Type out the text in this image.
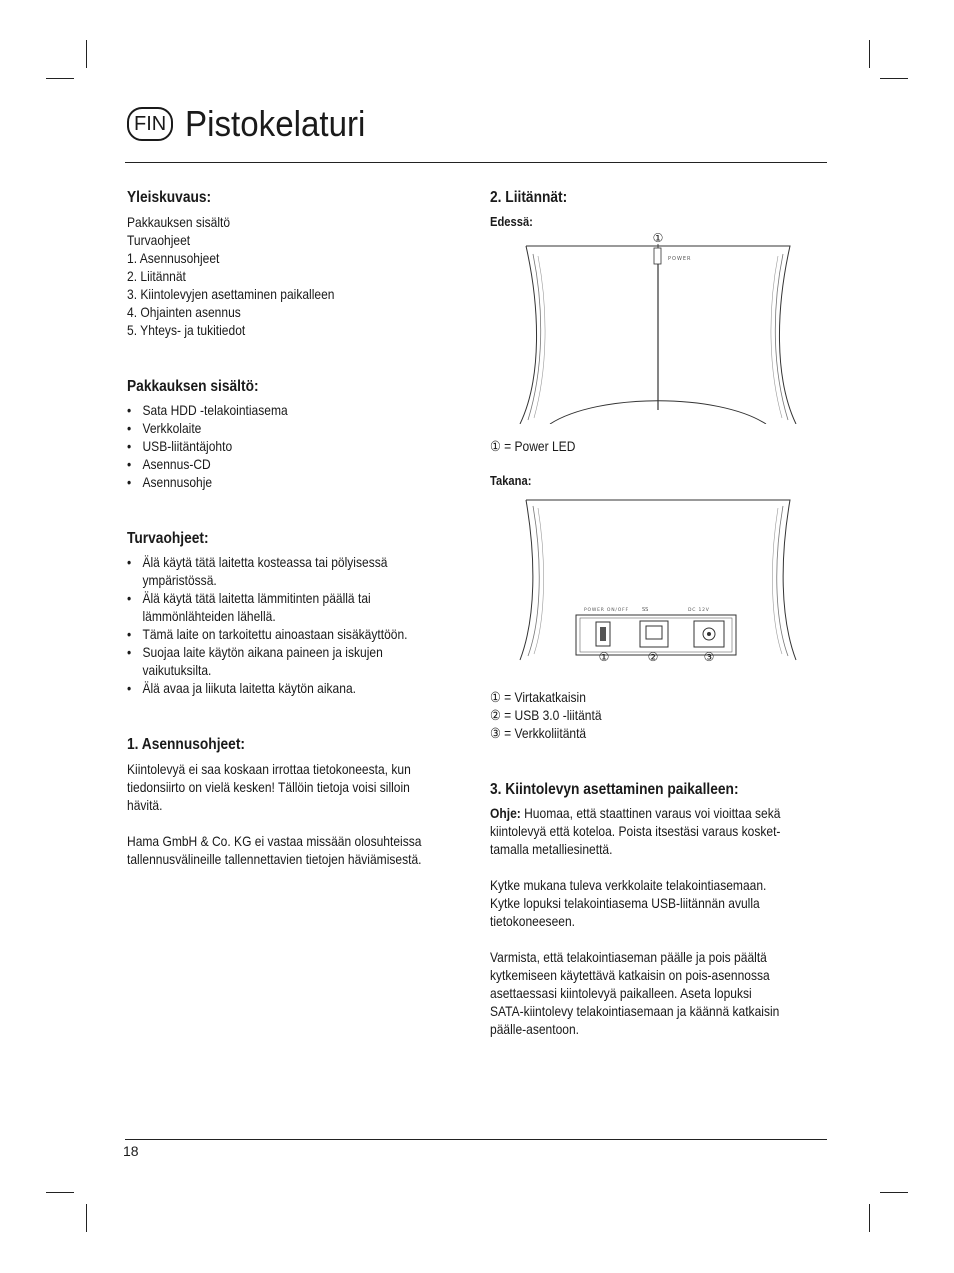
FIN Pistokelaturi
Yleiskuvaus:
Pakkauksen sisältö
Turvaohjeet
1. Asennusohjeet
2. Liitännät
3. Kiintolevyjen asettaminen paikalleen
4. Ohjainten asennus
5. Yhteys- ja tukitiedot
Pakkauksen sisältö:
• Sata HDD -telakointiasema
• Verkkolaite
• USB-liitäntäjohto
• Asennus-CD
• Asennusohje
Turvaohjeet:
• Älä käytä tätä laitetta kosteassa tai pölyisessä
ympäristössä.
• Älä käytä tätä laitetta lämmitinten päällä tai
lämmönlähteiden lähellä.
• Tämä laite on tarkoitettu ainoastaan sisäkäyttöön.
• Suojaa laite käytön aikana paineen ja iskujen
vaikutuksilta.
• Älä avaa ja liikuta laitetta käytön aikana.
1. Asennusohjeet:
Kiintolevyä ei saa koskaan irrottaa tietokoneesta, kun
tiedonsiirto on vielä kesken! Tällöin tietoja voisi silloin
hävitä.
Hama GmbH & Co. KG ei vastaa missään olosuhteissa
tallennusvälineille tallennettavien tietojen häviämisestä.
2. Liitännät:
Edessä:
①
POWER
① = Power LED
Takana:
POWER ON/OFF	SS	DC 12V
①	②	③
① = Virtakatkaisin
② = USB 3.0 -liitäntä
③ = Verkkoliitäntä
3. Kiintolevyn asettaminen paikalleen:
Ohje: Huomaa, että staattinen varaus voi vioittaa sekä
kiintolevyä että koteloa. Poista itsestäsi varaus kosket-
tamalla metalliesinettä.
Kytke mukana tuleva verkkolaite telakointiasemaan.
Kytke lopuksi telakointiasema USB-liitännän avulla
tietokoneeseen.
Varmista, että telakointiaseman päälle ja pois päältä
kytkemiseen käytettävä katkaisin on pois-asennossa
asettaessasi kiintolevyä paikalleen. Aseta lopuksi
SATA-kiintolevy telakointiasemaan ja käännä katkaisin
päälle-asentoon.
18
